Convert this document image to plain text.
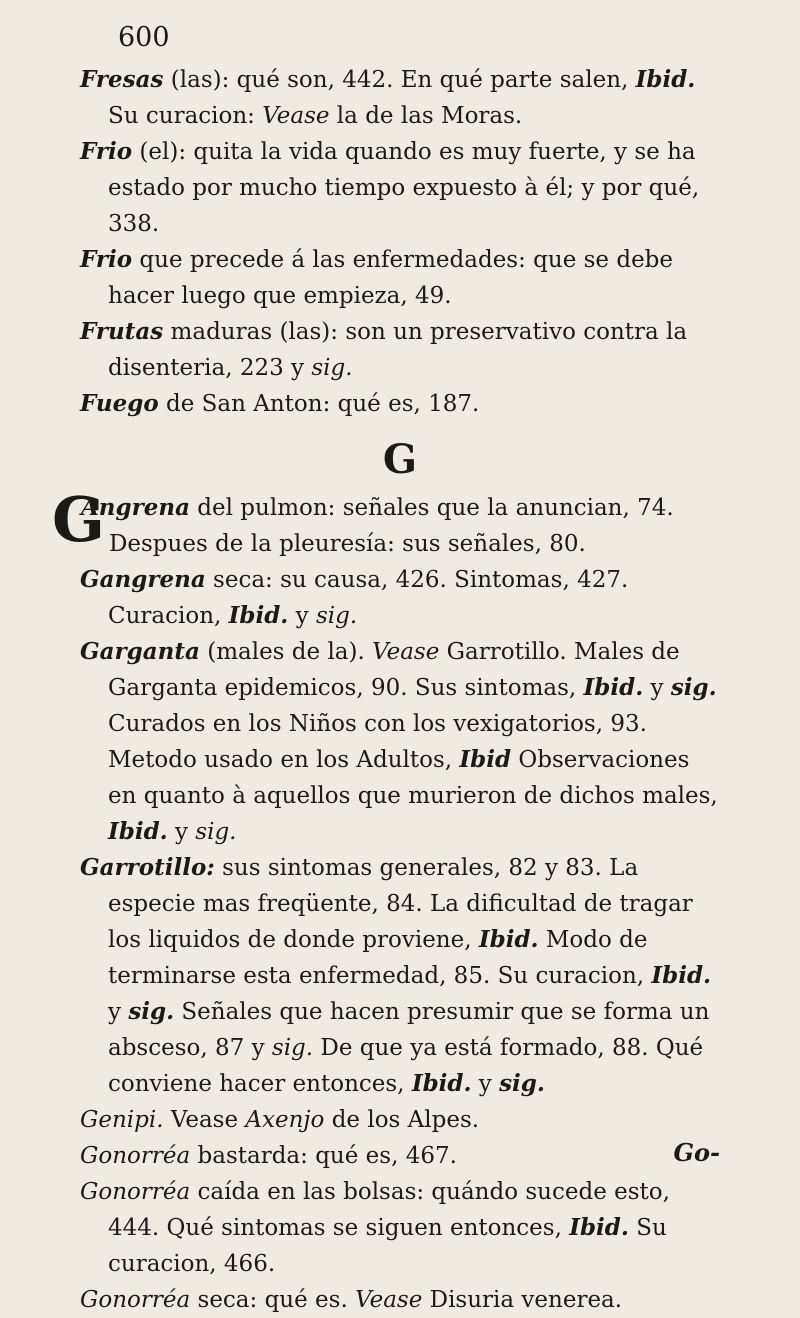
600

Fresas (las): qué son, 442. En qué parte salen, Ibid. Su curacion: Vease la de las Moras.

Frio (el): quita la vida quando es muy fuerte, y se ha estado por mucho tiempo expuesto à él; y por qué, 338.

Frio que precede á las enfermedades: que se debe hacer luego que empieza, 49.

Frutas maduras (las): son un preservativo contra la disenteria, 223 y sig.

Fuego de San Anton: qué es, 187.

G

G
Angrena del pulmon: señales que la anuncian, 74. Despues de la pleuresía: sus señales, 80.

Gangrena seca: su causa, 426. Sintomas, 427. Curacion, Ibid. y sig.

Garganta (males de la). Vease Garrotillo. Males de Garganta epidemicos, 90. Sus sintomas, Ibid. y sig. Curados en los Niños con los vexigatorios, 93. Metodo usado en los Adultos, Ibid Observaciones en quanto à aquellos que murieron de dichos males, Ibid. y sig.

Garrotillo: sus sintomas generales, 82 y 83. La especie mas freqüente, 84. La dificultad de tragar los liquidos de donde proviene, Ibid. Modo de terminarse esta enfermedad, 85. Su curacion, Ibid. y sig. Señales que hacen presumir que se forma un absceso, 87 y sig. De que ya está formado, 88. Qué conviene hacer entonces, Ibid. y sig.

Genipi. Vease Axenjo de los Alpes.

Gonorréa bastarda: qué es, 467.

Gonorréa caída en las bolsas: quándo sucede esto, 444. Qué sintomas se siguen entonces, Ibid. Su curacion, 466.

Gonorréa seca: qué es. Vease Disuria venerea.

Go-
